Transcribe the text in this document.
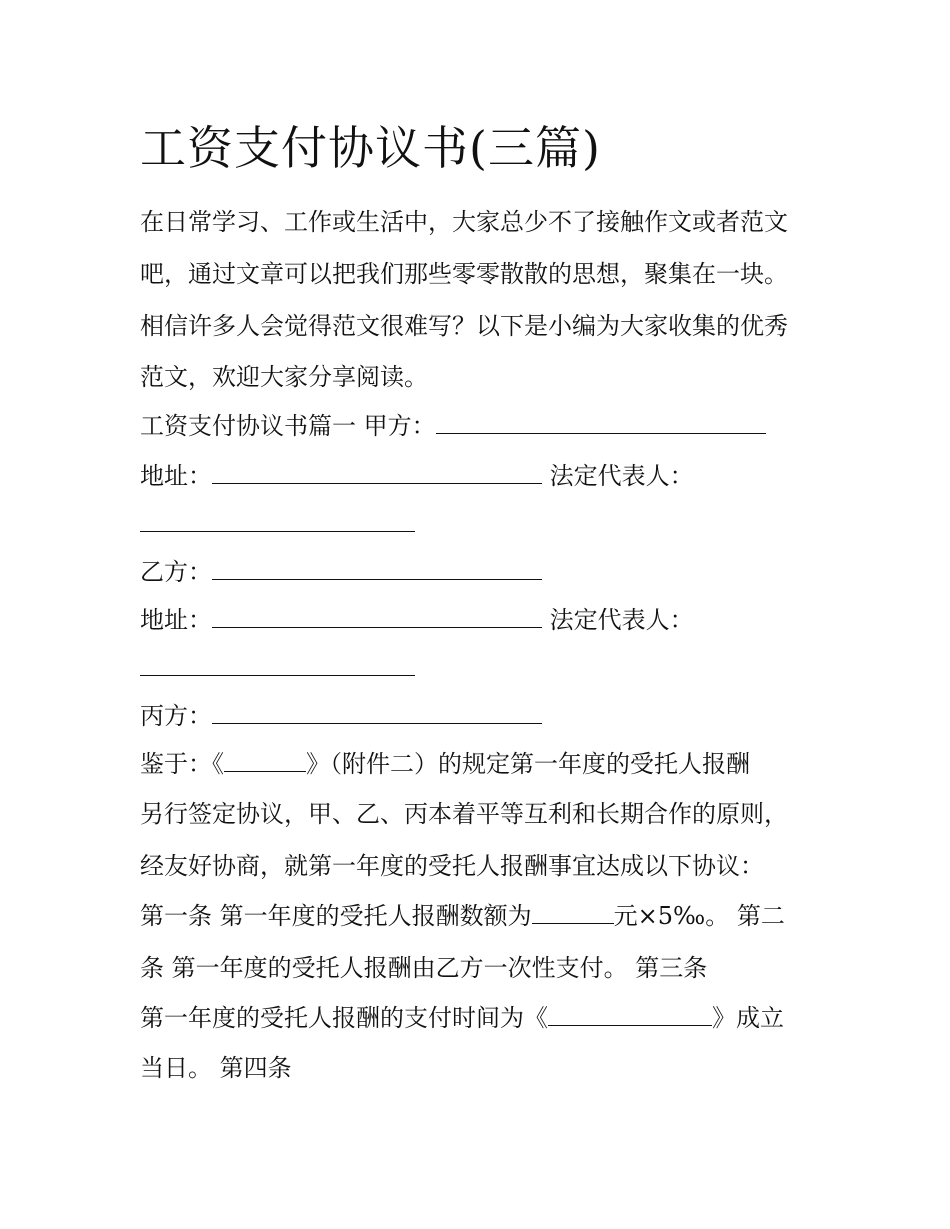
工资支付协议书(三篇)
在日常学习、工作或生活中，大家总少不了接触作文或者范文
吧，通过文章可以把我们那些零零散散的思想，聚集在一块。
相信许多人会觉得范文很难写？以下是小编为大家收集的优秀
范文，欢迎大家分享阅读。
工资支付协议书篇一 甲方：
地址：	法定代表人：
乙方：
地址：	法定代表人：
丙方：
鉴于：《	》（附件二）的规定第一年度的受托人报酬
另行签定协议，甲、乙、丙本着平等互利和长期合作的原则，
经友好协商，就第一年度的受托人报酬事宜达成以下协议：
第一条 第一年度的受托人报酬数额为	元×5‰。 第二
条 第一年度的受托人报酬由乙方一次性支付。 第三条
第一年度的受托人报酬的支付时间为《	》成立
当日。 第四条
